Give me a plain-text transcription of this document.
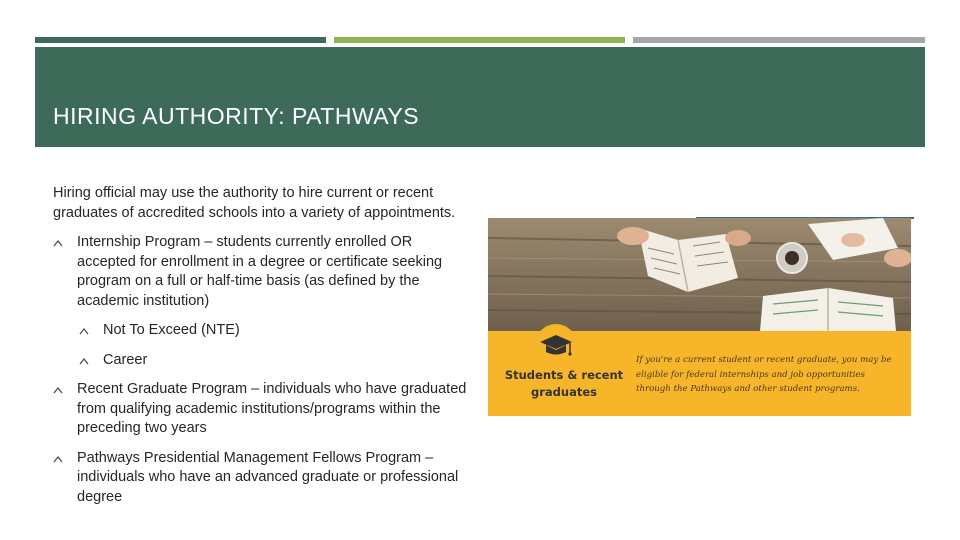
HIRING AUTHORITY: PATHWAYS

Hiring official may use the authority to hire current or recent graduates of accredited schools into a variety of appointments.

Internship Program – students currently enrolled OR accepted for enrollment in a degree or certificate seeking program on a full or half-time basis (as defined by the academic institution)
Not To Exceed (NTE)
Career
Recent Graduate Program – individuals who have graduated from qualifying academic institutions/programs within the preceding two years
Pathways Presidential Management Fellows Program – individuals who have an advanced graduate or professional degree
Students & recent graduates
If you're a current student or recent graduate, you may be eligible for federal internships and job opportunities through the Pathways and other student programs.
